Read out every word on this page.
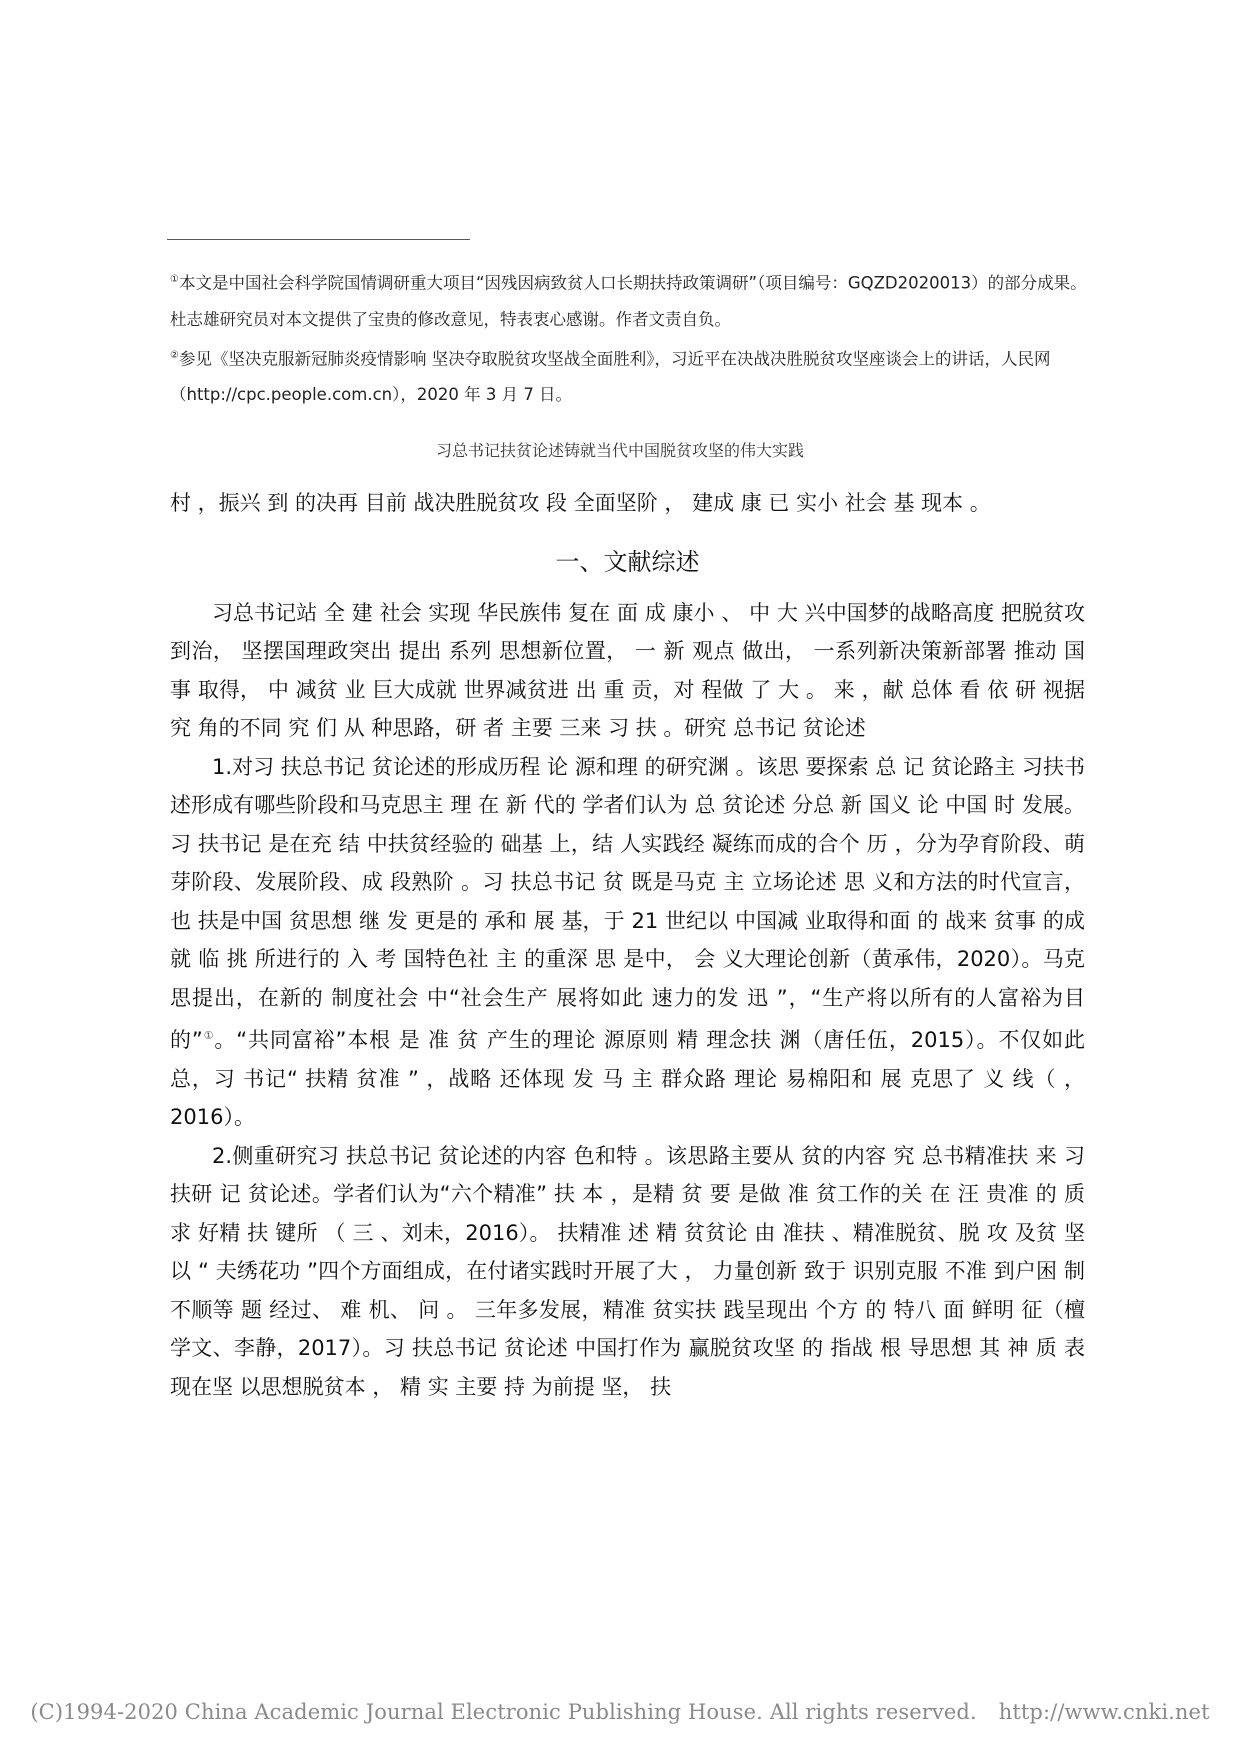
①本文是中国社会科学院国情调研重大项目“因残因病致贫人口长期扶持政策调研”（项目编号：GQZD2020013）的部分成果。杜志雄研究员对本文提供了宝贵的修改意见，特表衷心感谢。作者文责自负。

②参见《坚决克服新冠肺炎疫情影响 坚决夺取脱贫攻坚战全面胜利》，习近平在决战决胜脱贫攻坚座谈会上的讲话，人民网（http://cpc.people.com.cn），2020 年 3 月 7 日。

习总书记扶贫论述铸就当代中国脱贫攻坚的伟大实践

村 ，振兴 到 的决再 目前 战决胜脱贫攻 段 全面坚阶 ， 建成 康 已 实小 社会 基 现本 。

一、文献综述

习总书记站 全 建 社会 实现 华民族伟 复在 面 成 康小 、 中 大 兴中国梦的战略高度 把脱贫攻 到治， 坚摆国理政突出 提出 系列 思想新位置， 一 新 观点 做出， 一系列新决策新部署 推动 国 事 取得， 中 减贫 业 巨大成就 世界减贫进 出 重 贡，对 程做 了 大 。 来 ，献 总体 看 依 研 视据 究 角的不同 究 们 从 种思路，研 者 主要 三来 习 扶 。研究 总书记 贫论述

1.对习 扶总书记 贫论述的形成历程 论 源和理 的研究渊 。该思 要探索 总 记 贫论路主 习扶书 述形成有哪些阶段和马克思主 理 在 新 代的 学者们认为 总 贫论述 分总 新 国义 论 中国 时 发展。 习 扶书记 是在充 结 中扶贫经验的 础基 上，结 人实践经 凝练而成的合个 历 ，分为孕育阶段、萌芽阶段、发展阶段、成 段熟阶 。习 扶总书记 贫 既是马克 主 立场论述 思 义和方法的时代宣言，也 扶是中国 贫思想 继 发 更是的 承和 展 基，于 21 世纪以 中国减 业取得和面 的 战来 贫事 的成就 临 挑 所进行的 入 考 国特色社 主 的重深 思 是中， 会 义大理论创新（黄承伟，2020）。马克思提出，在新的 制度社会 中“社会生产 展将如此 速力的发 迅 ”，“生产将以所有的人富裕为目的”①。“共同富裕”本根 是 准 贫 产生的理论 源原则 精 理念扶 渊（唐任伍，2015）。不仅如此 总，习 书记“ 扶精 贫准 ” ，战略 还体现 发 马 主 群众路 理论 易棉阳和 展 克思了 义 线（ ，2016）。

2.侧重研究习 扶总书记 贫论述的内容 色和特 。该思路主要从 贫的内容 究 总书精准扶 来 习 扶研 记 贫论述。学者们认为“六个精准” 扶 本 ，是精 贫 要 是做 准 贫工作的关 在 汪 贵准 的 质 求 好精 扶 键所 （ 三 、刘未，2016）。 扶精准 述 精 贫贫论 由 准扶 、精准脱贫、脱 攻 及贫 坚以 “ 夫绣花功 ”四个方面组成，在付诸实践时开展了大 ， 力量创新 致于 识别克服 不准 到户困 制不顺等 题 经过、 难 机、 问 。 三年多发展，精准 贫实扶 践呈现出 个方 的 特八 面 鲜明 征（檀学文、李静，2017）。习 扶总书记 贫论述 中国打作为 赢脱贫攻坚 的 指战 根 导思想 其 神 质 表现在坚 以思想脱贫本 ， 精 实 主要 持 为前提 坚， 扶

(C)1994-2020 China Academic Journal Electronic Publishing House. All rights reserved. http://www.cnki.net
